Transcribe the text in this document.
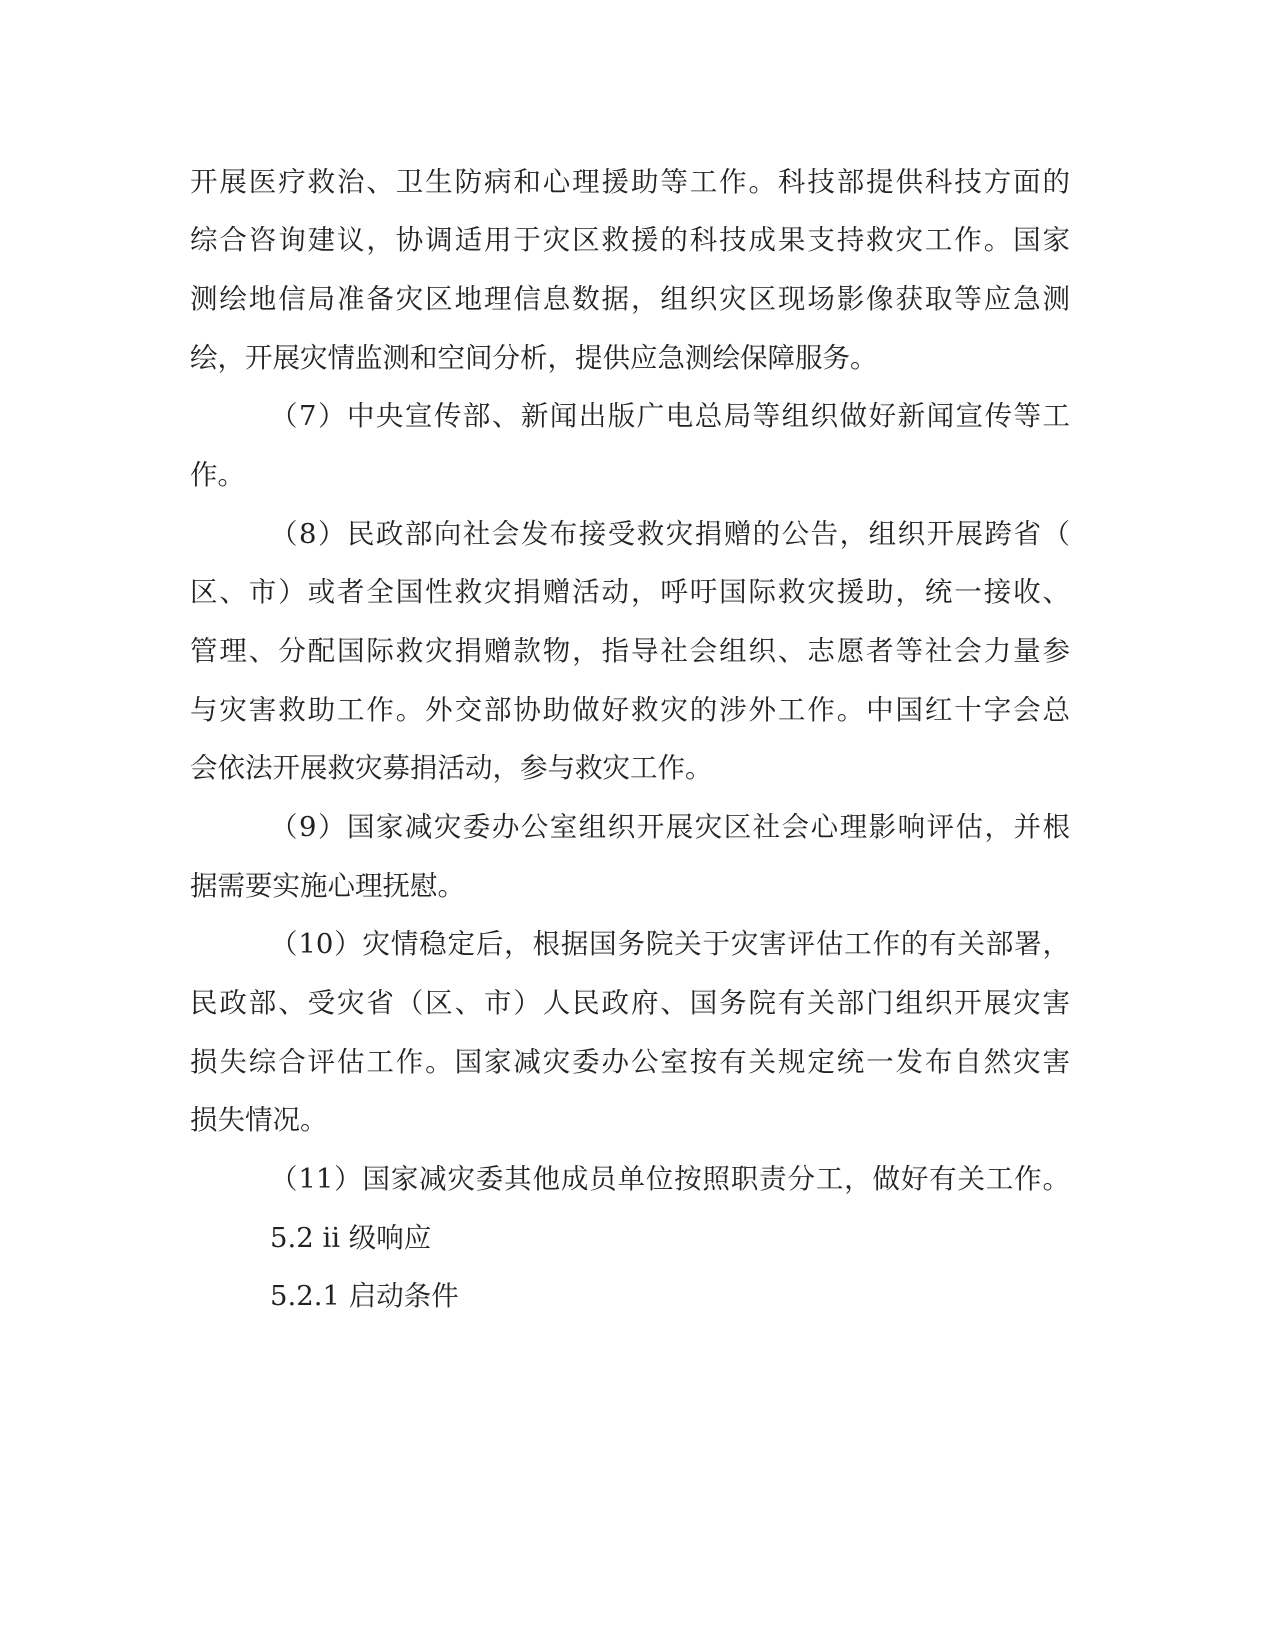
开展医疗救治、卫生防病和心理援助等工作。科技部提供科技方面的

综合咨询建议，协调适用于灾区救援的科技成果支持救灾工作。国家

测绘地信局准备灾区地理信息数据，组织灾区现场影像获取等应急测

绘，开展灾情监测和空间分析，提供应急测绘保障服务。

（7）中央宣传部、新闻出版广电总局等组织做好新闻宣传等工

作。

（8）民政部向社会发布接受救灾捐赠的公告，组织开展跨省（

区、市）或者全国性救灾捐赠活动，呼吁国际救灾援助，统一接收、

管理、分配国际救灾捐赠款物，指导社会组织、志愿者等社会力量参

与灾害救助工作。外交部协助做好救灾的涉外工作。中国红十字会总

会依法开展救灾募捐活动，参与救灾工作。

（9）国家减灾委办公室组织开展灾区社会心理影响评估，并根

据需要实施心理抚慰。

（10）灾情稳定后，根据国务院关于灾害评估工作的有关部署，

民政部、受灾省（区、市）人民政府、国务院有关部门组织开展灾害

损失综合评估工作。国家减灾委办公室按有关规定统一发布自然灾害

损失情况。

（11）国家减灾委其他成员单位按照职责分工，做好有关工作。

5.2 ⅱ 级响应

5.2.1 启动条件
